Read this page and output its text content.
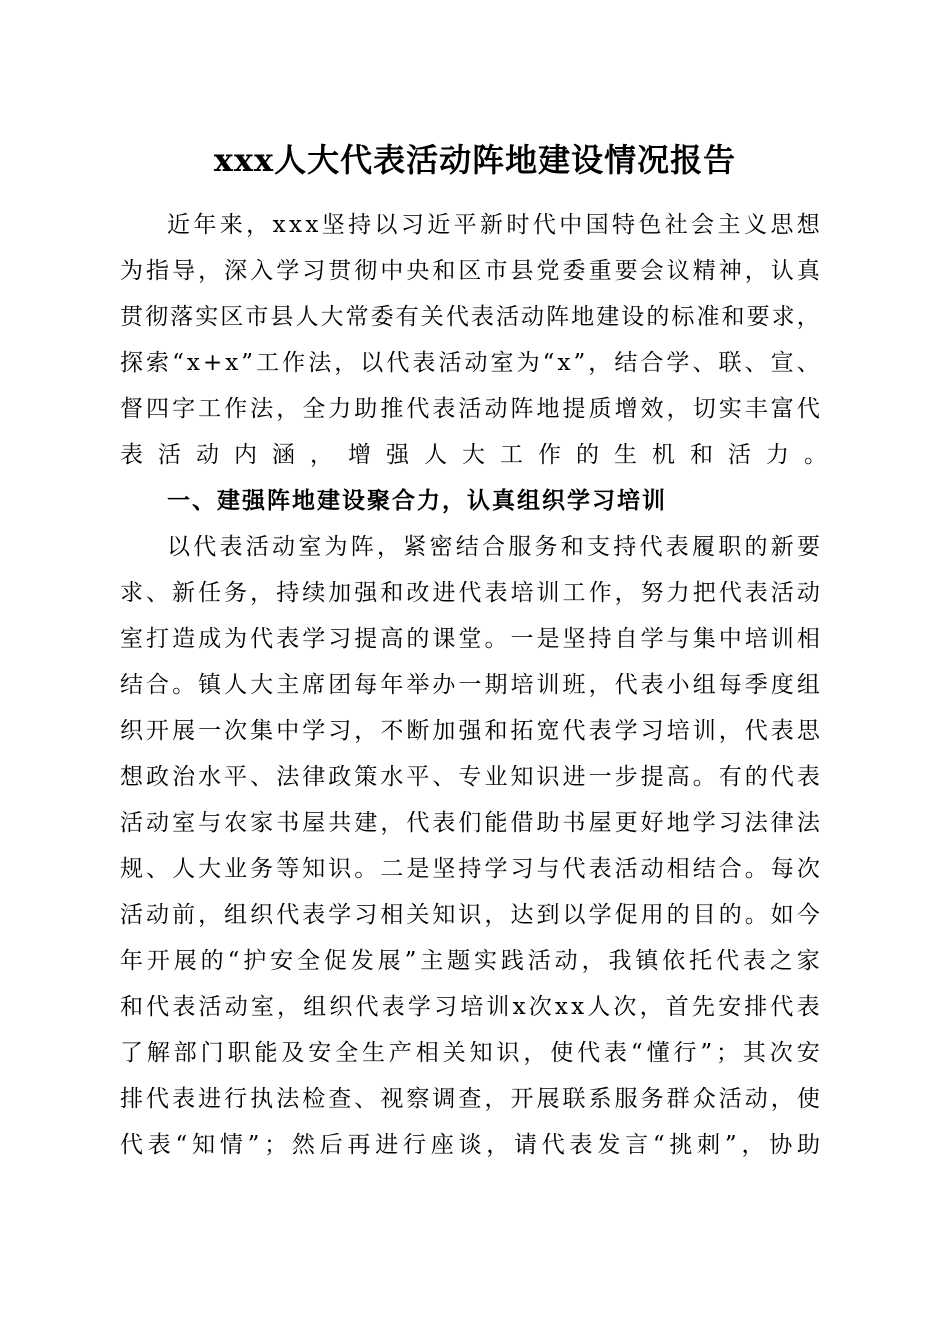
xxx人大代表活动阵地建设情况报告
近 年 来 ， x x x 坚 持 以 习 近 平 新 时 代 中 国 特 色 社 会 主 义 思 想
为 指 导 ， 深 入 学 习 贯 彻 中 央 和 区 市 县 党 委 重 要 会 议 精 神 ， 认 真
贯 彻 落 实 区 市 县 人 大 常 委 有 关 代 表 活 动 阵 地 建 设 的 标 准 和 要 求 ，
探 索 “ x + x ” 工 作 法 ， 以 代 表 活 动 室 为 “ x ” ， 结 合 学 、 联 、 宣 、
督 四 字 工 作 法 ， 全 力 助 推 代 表 活 动 阵 地 提 质 增 效 ， 切 实 丰 富 代
表活动内涵，增强人大工作的生机和活力。
一、建强阵地建设聚合力，认真组织学习培训
以 代 表 活 动 室 为 阵 ， 紧 密 结 合 服 务 和 支 持 代 表 履 职 的 新 要
求 、 新 任 务 ， 持 续 加 强 和 改 进 代 表 培 训 工 作 ， 努 力 把 代 表 活 动
室 打 造 成 为 代 表 学 习 提 高 的 课 堂 。 一 是 坚 持 自 学 与 集 中 培 训 相
结 合 。 镇 人 大 主 席 团 每 年 举 办 一 期 培 训 班 ， 代 表 小 组 每 季 度 组
织 开 展 一 次 集 中 学 习 ， 不 断 加 强 和 拓 宽 代 表 学 习 培 训 ， 代 表 思
想 政 治 水 平 、 法 律 政 策 水 平 、 专 业 知 识 进 一 步 提 高 。 有 的 代 表
活 动 室 与 农 家 书 屋 共 建 ， 代 表 们 能 借 助 书 屋 更 好 地 学 习 法 律 法
规 、 人 大 业 务 等 知 识 。 二 是 坚 持 学 习 与 代 表 活 动 相 结 合 。 每 次
活 动 前 ， 组 织 代 表 学 习 相 关 知 识 ， 达 到 以 学 促 用 的 目 的 。 如 今
年 开 展 的 “ 护 安 全 促 发 展 ” 主 题 实 践 活 动 ， 我 镇 依 托 代 表 之 家
和 代 表 活 动 室 ， 组 织 代 表 学 习 培 训 x 次 x x 人 次 ， 首 先 安 排 代 表
了 解 部 门 职 能 及 安 全 生 产 相 关 知 识 ， 使 代 表 “ 懂 行 ” ； 其 次 安
排 代 表 进 行 执 法 检 查 、 视 察 调 查 ， 开 展 联 系 服 务 群 众 活 动 ， 使
代 表 “ 知 情 ” ； 然 后 再 进 行 座 谈 ， 请 代 表 发 言 “ 挑 刺 ” ， 协 助
